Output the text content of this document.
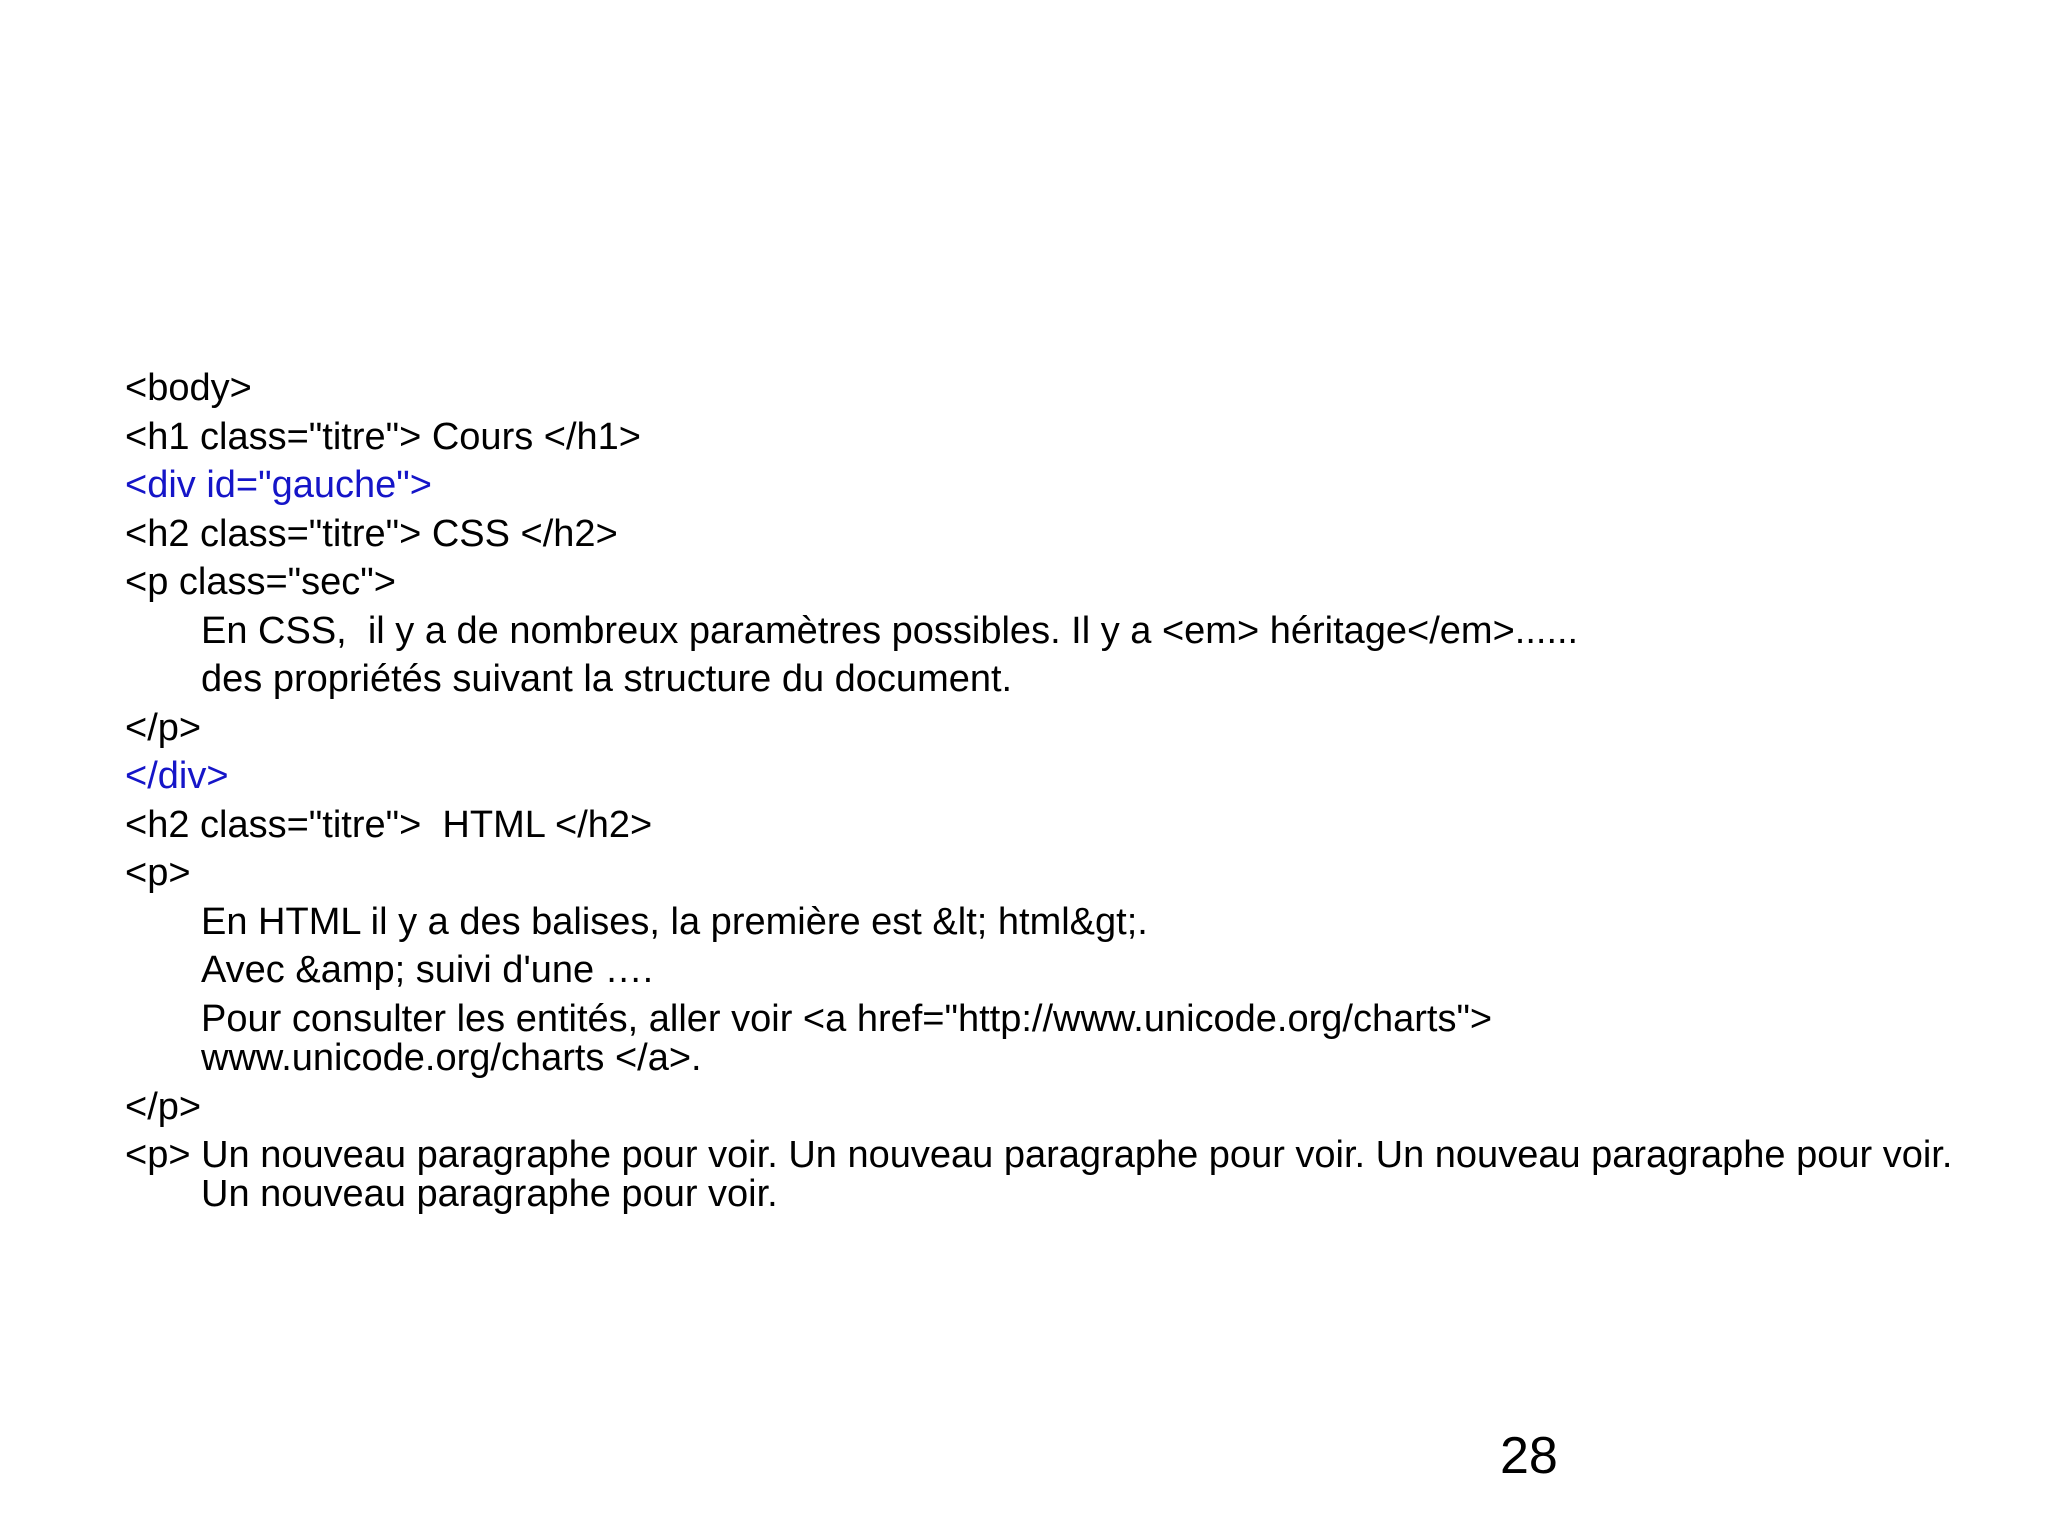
<body>
<h1 class="titre"> Cours </h1>
<div id="gauche">
<h2 class="titre"> CSS </h2>
<p class="sec">
En CSS,  il y a de nombreux paramètres possibles. Il y a <em> héritage</em>......
des propriétés suivant la structure du document.
</p>
</div>
<h2 class="titre">  HTML </h2>
<p>
En HTML il y a des balises, la première est &lt; html&gt;.
Avec &amp; suivi d'une ….
Pour consulter les entités, aller voir <a href="http://www.unicode.org/charts"> www.unicode.org/charts </a>.
</p>
<p> Un nouveau paragraphe pour voir. Un nouveau paragraphe pour voir. Un nouveau paragraphe pour voir. Un nouveau paragraphe pour voir.
28
